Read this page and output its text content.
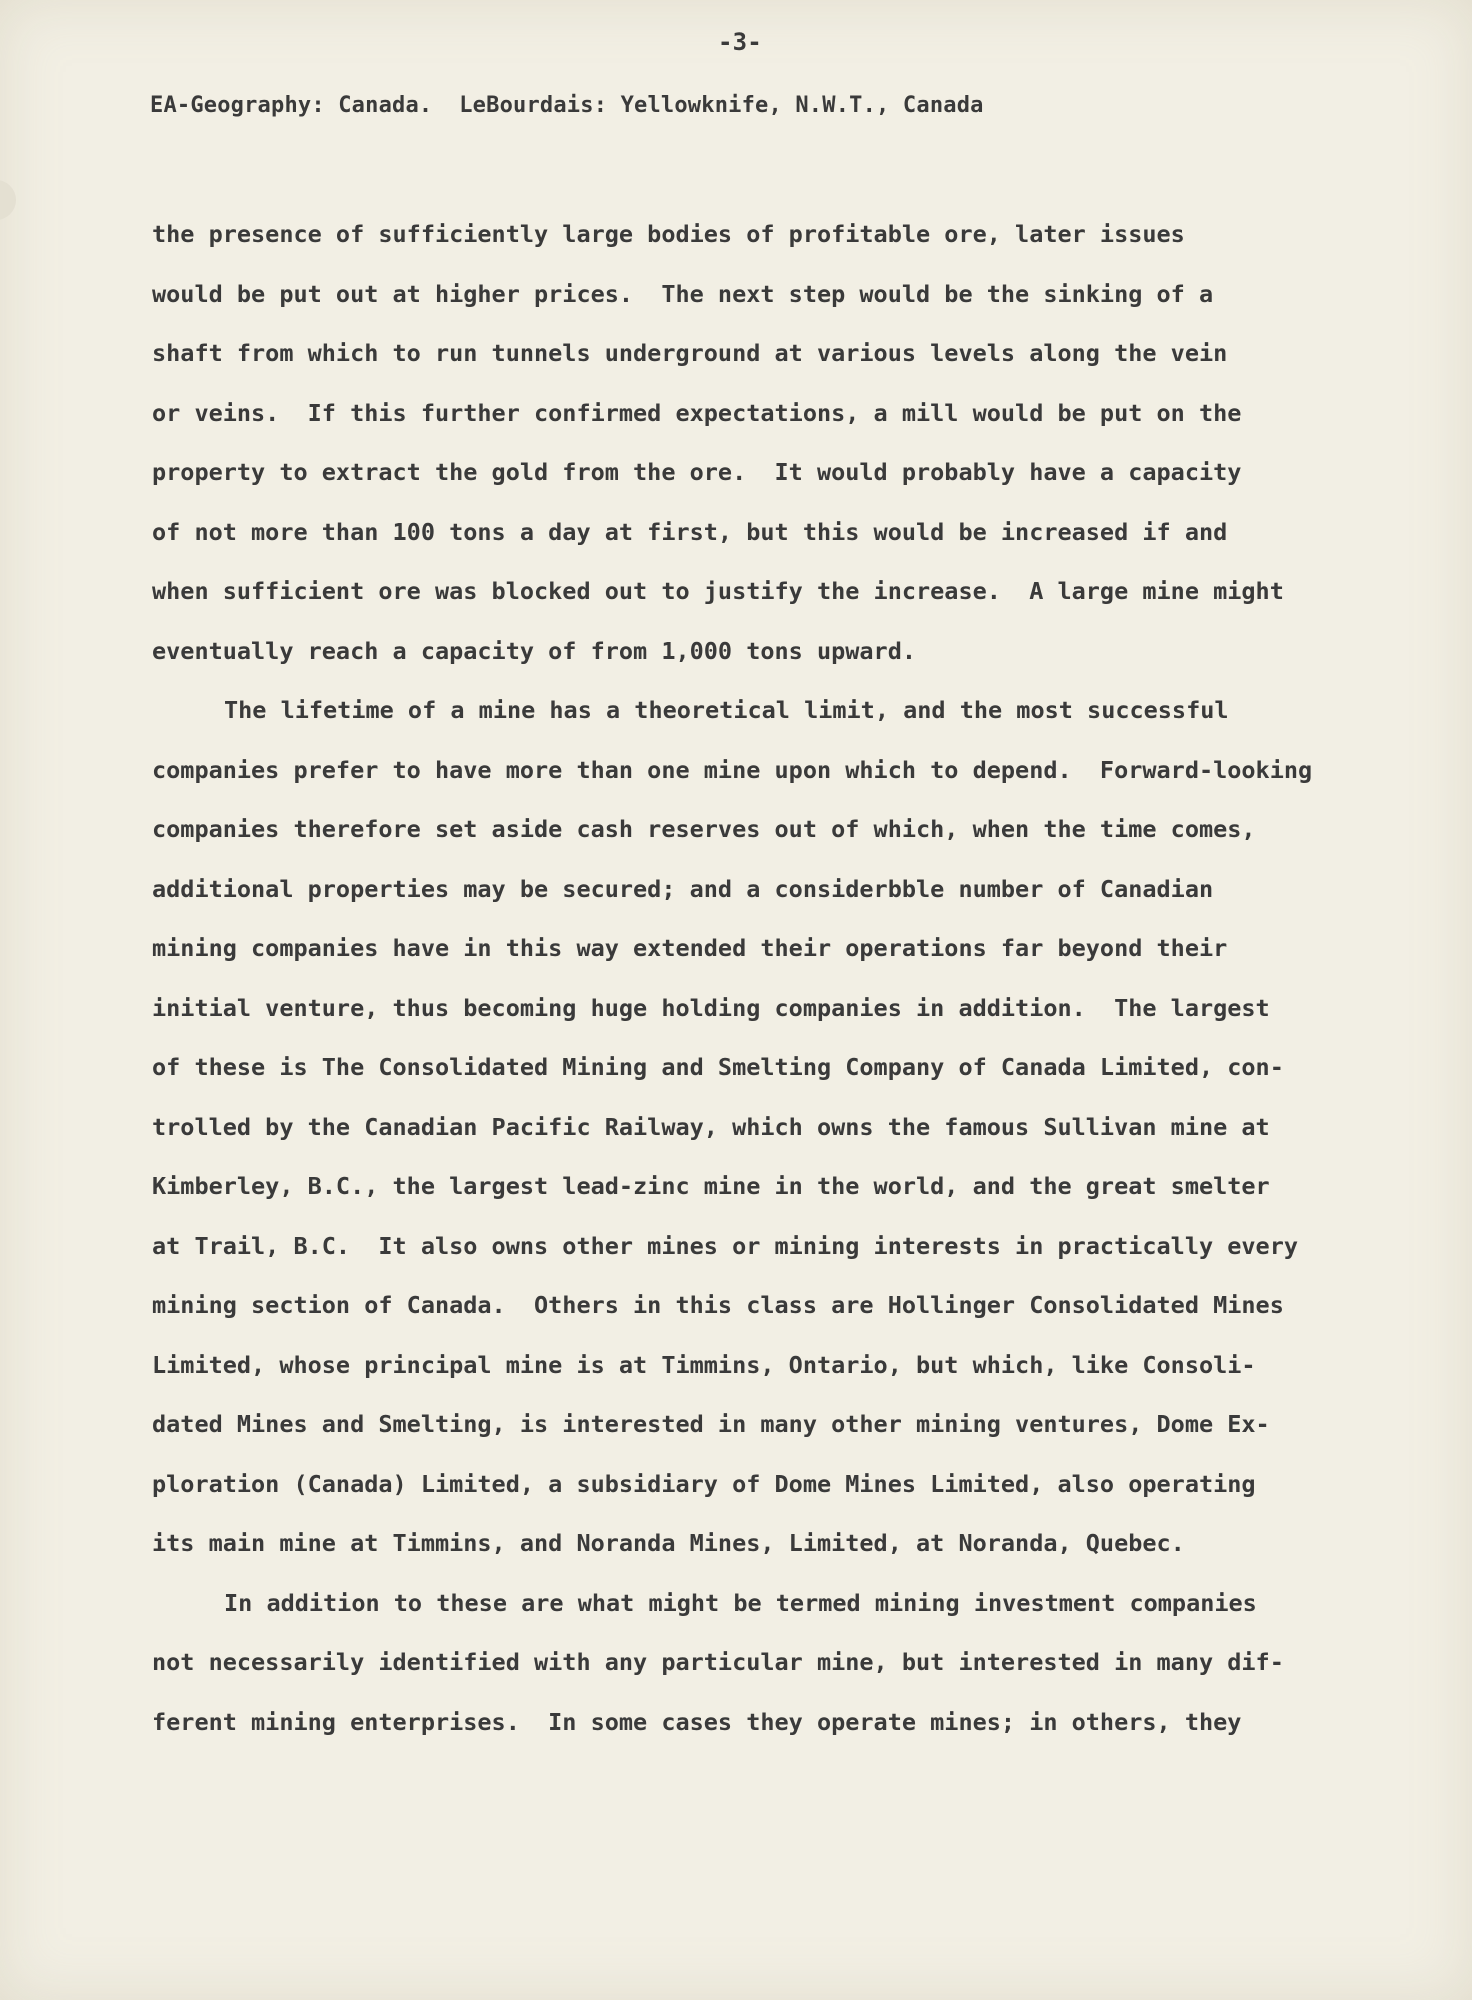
-3-
EA-Geography: Canada.  LeBourdais: Yellowknife, N.W.T., Canada
the presence of sufficiently large bodies of profitable ore, later issues
would be put out at higher prices.  The next step would be the sinking of a
shaft from which to run tunnels underground at various levels along the vein
or veins.  If this further confirmed expectations, a mill would be put on the
property to extract the gold from the ore.  It would probably have a capacity
of not more than 100 tons a day at first, but this would be increased if and
when sufficient ore was blocked out to justify the increase.  A large mine might
eventually reach a capacity of from 1,000 tons upward.
The lifetime of a mine has a theoretical limit, and the most successful
companies prefer to have more than one mine upon which to depend.  Forward-looking
companies therefore set aside cash reserves out of which, when the time comes,
additional properties may be secured; and a considerbble number of Canadian
mining companies have in this way extended their operations far beyond their
initial venture, thus becoming huge holding companies in addition.  The largest
of these is The Consolidated Mining and Smelting Company of Canada Limited, con-
trolled by the Canadian Pacific Railway, which owns the famous Sullivan mine at
Kimberley, B.C., the largest lead-zinc mine in the world, and the great smelter
at Trail, B.C.  It also owns other mines or mining interests in practically every
mining section of Canada.  Others in this class are Hollinger Consolidated Mines
Limited, whose principal mine is at Timmins, Ontario, but which, like Consoli-
dated Mines and Smelting, is interested in many other mining ventures, Dome Ex-
ploration (Canada) Limited, a subsidiary of Dome Mines Limited, also operating
its main mine at Timmins, and Noranda Mines, Limited, at Noranda, Quebec.
In addition to these are what might be termed mining investment companies
not necessarily identified with any particular mine, but interested in many dif-
ferent mining enterprises.  In some cases they operate mines; in others, they
